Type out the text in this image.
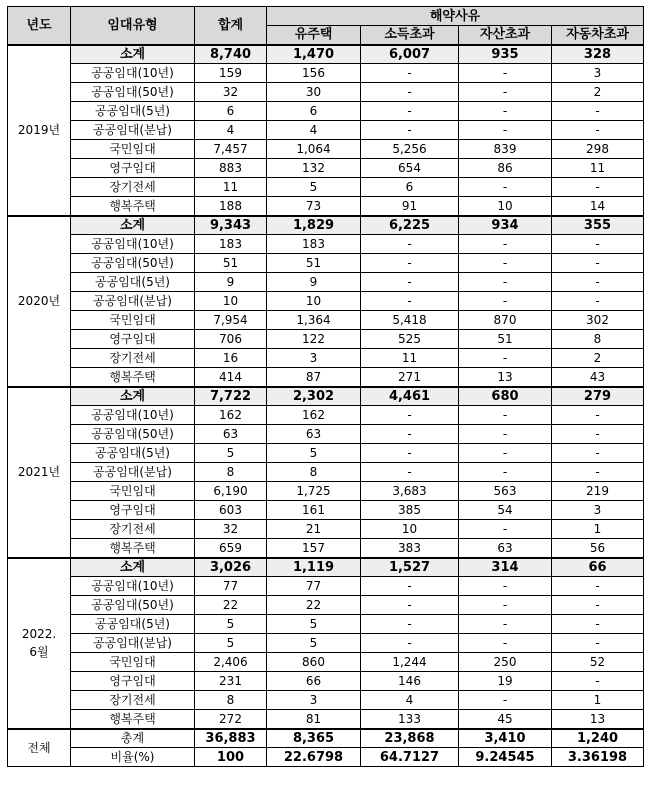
년도	임대유형	합계	해약사유			
			유주택	소득초과	자산초과	자동차초과
2019년	소계	8,740	1,470	6,007	935	328
	공공임대(10년)	159	156	-	-	3
	공공임대(50년)	32	30	-	-	2
	공공임대(5년)	6	6	-	-	-
	공공임대(분납)	4	4	-	-	-
	국민임대	7,457	1,064	5,256	839	298
	영구임대	883	132	654	86	11
	장기전세	11	5	6	-	-
	행복주택	188	73	91	10	14
2020년	소계	9,343	1,829	6,225	934	355
	공공임대(10년)	183	183	-	-	-
	공공임대(50년)	51	51	-	-	-
	공공임대(5년)	9	9	-	-	-
	공공임대(분납)	10	10	-	-	-
	국민임대	7,954	1,364	5,418	870	302
	영구임대	706	122	525	51	8
	장기전세	16	3	11	-	2
	행복주택	414	87	271	13	43
2021년	소계	7,722	2,302	4,461	680	279
	공공임대(10년)	162	162	-	-	-
	공공임대(50년)	63	63	-	-	-
	공공임대(5년)	5	5	-	-	-
	공공임대(분납)	8	8	-	-	-
	국민임대	6,190	1,725	3,683	563	219
	영구임대	603	161	385	54	3
	장기전세	32	21	10	-	1
	행복주택	659	157	383	63	56
2022.
6월	소계	3,026	1,119	1,527	314	66
	공공임대(10년)	77	77	-	-	-
	공공임대(50년)	22	22	-	-	-
	공공임대(5년)	5	5	-	-	-
	공공임대(분납)	5	5	-	-	-
	국민임대	2,406	860	1,244	250	52
	영구임대	231	66	146	19	-
	장기전세	8	3	4	-	1
	행복주택	272	81	133	45	13
전체	총계	36,883	8,365	23,868	3,410	1,240
	비율(%)	100	22.6798	64.7127	9.24545	3.36198
